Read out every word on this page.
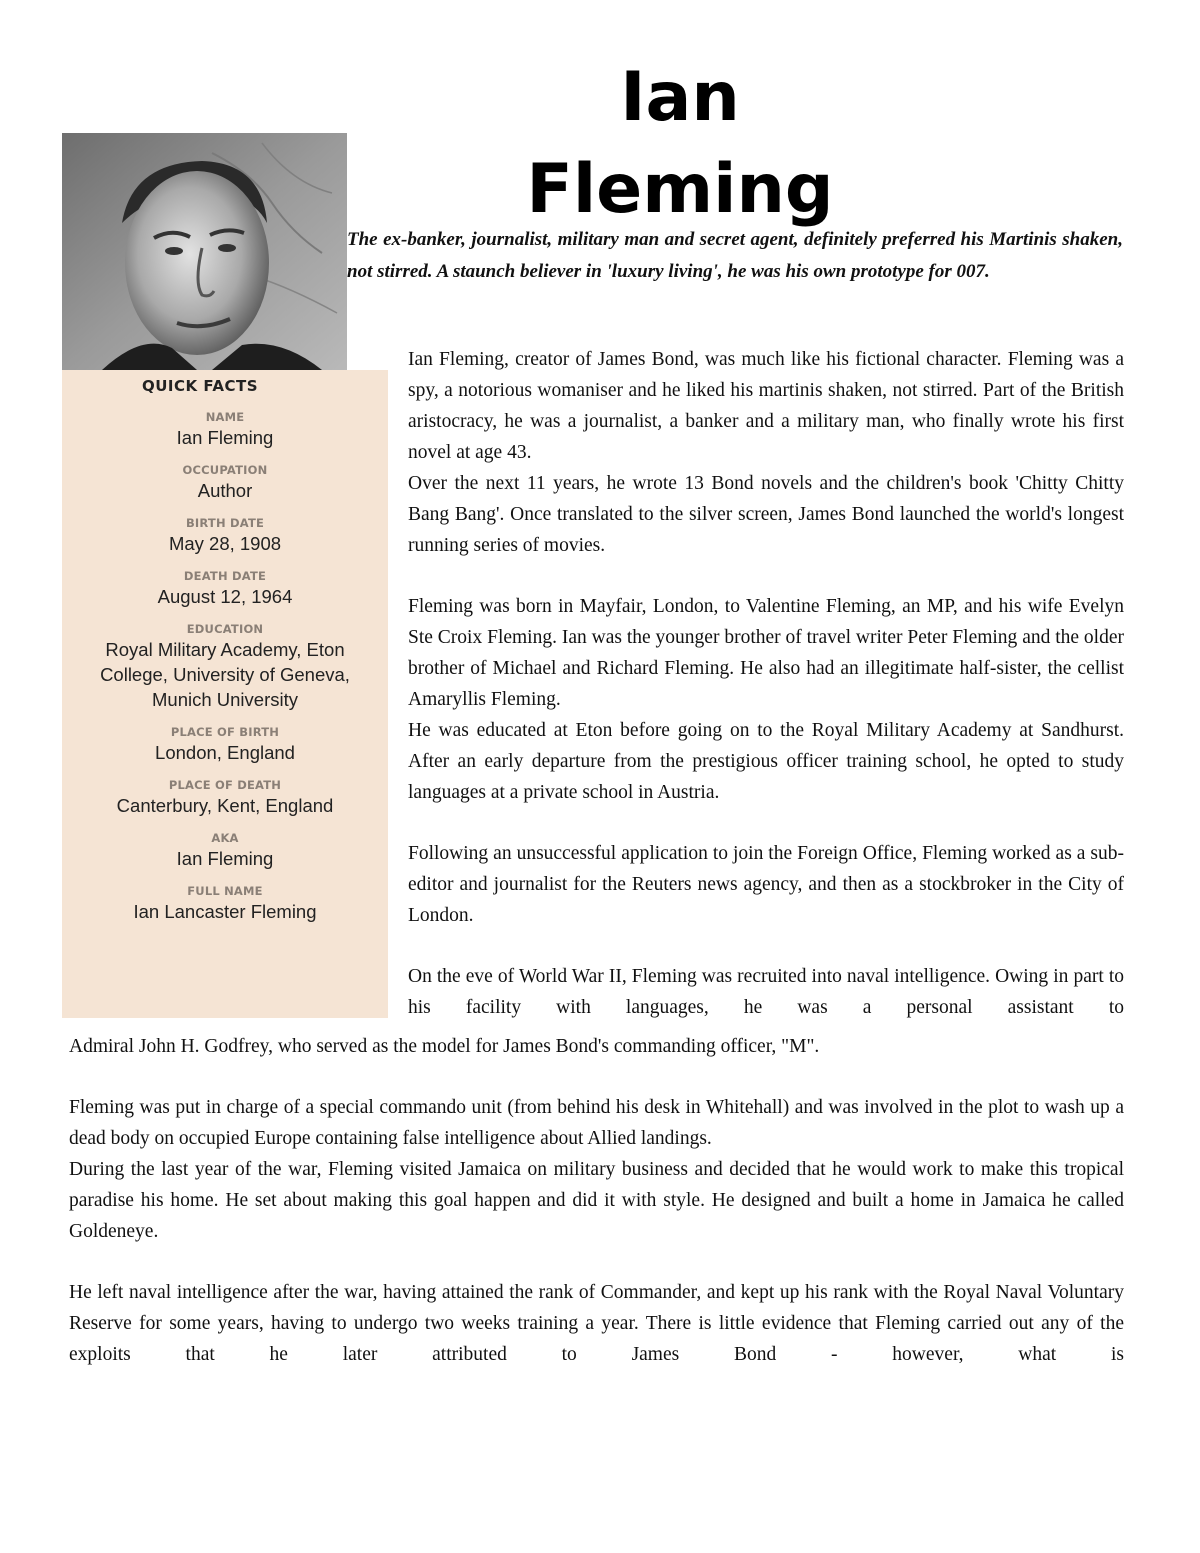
Ian
Fleming
QUICK FACTS
NAME
Ian Fleming
OCCUPATION
Author
BIRTH DATE
May 28, 1908
DEATH DATE
August 12, 1964
EDUCATION
Royal Military Academy, Eton College, University of Geneva, Munich University
PLACE OF BIRTH
London, England
PLACE OF DEATH
Canterbury, Kent, England
AKA
Ian Fleming
FULL NAME
Ian Lancaster Fleming
The ex-banker, journalist, military man and secret agent, definitely preferred his Martinis shaken, not stirred. A staunch believer in 'luxury living', he was his own prototype for 007.

Ian Fleming, creator of James Bond, was much like his fictional character. Fleming was a spy, a notorious womaniser and he liked his martinis shaken, not stirred. Part of the British aristocracy, he was a journalist, a banker and a military man, who finally wrote his first novel at age 43.

Over the next 11 years, he wrote 13 Bond novels and the children's book 'Chitty Chitty Bang Bang'. Once translated to the silver screen, James Bond launched the world's longest running series of movies.

Fleming was born in Mayfair, London, to Valentine Fleming, an MP, and his wife Evelyn Ste Croix Fleming. Ian was the younger brother of travel writer Peter Fleming and the older brother of Michael and Richard Fleming. He also had an illegitimate half-sister, the cellist Amaryllis Fleming.

He was educated at Eton before going on to the Royal Military Academy at Sandhurst. After an early departure from the prestigious officer training school, he opted to study languages at a private school in Austria.

Following an unsuccessful application to join the Foreign Office, Fleming worked as a sub-editor and journalist for the Reuters news agency, and then as a stockbroker in the City of London.

On the eve of World War II, Fleming was recruited into naval intelligence. Owing in part to his facility with languages, he was a personal assistant to

Admiral John H. Godfrey, who served as the model for James Bond's commanding officer, "M".

Fleming was put in charge of a special commando unit (from behind his desk in Whitehall) and was involved in the plot to wash up a dead body on occupied Europe containing false intelligence about Allied landings.

During the last year of the war, Fleming visited Jamaica on military business and decided that he would work to make this tropical paradise his home. He set about making this goal happen and did it with style. He designed and built a home in Jamaica he called Goldeneye.

He left naval intelligence after the war, having attained the rank of Commander, and kept up his rank with the Royal Naval Voluntary Reserve for some years, having to undergo two weeks training a year. There is little evidence that Fleming carried out any of the exploits that he later attributed to James Bond - however, what is
